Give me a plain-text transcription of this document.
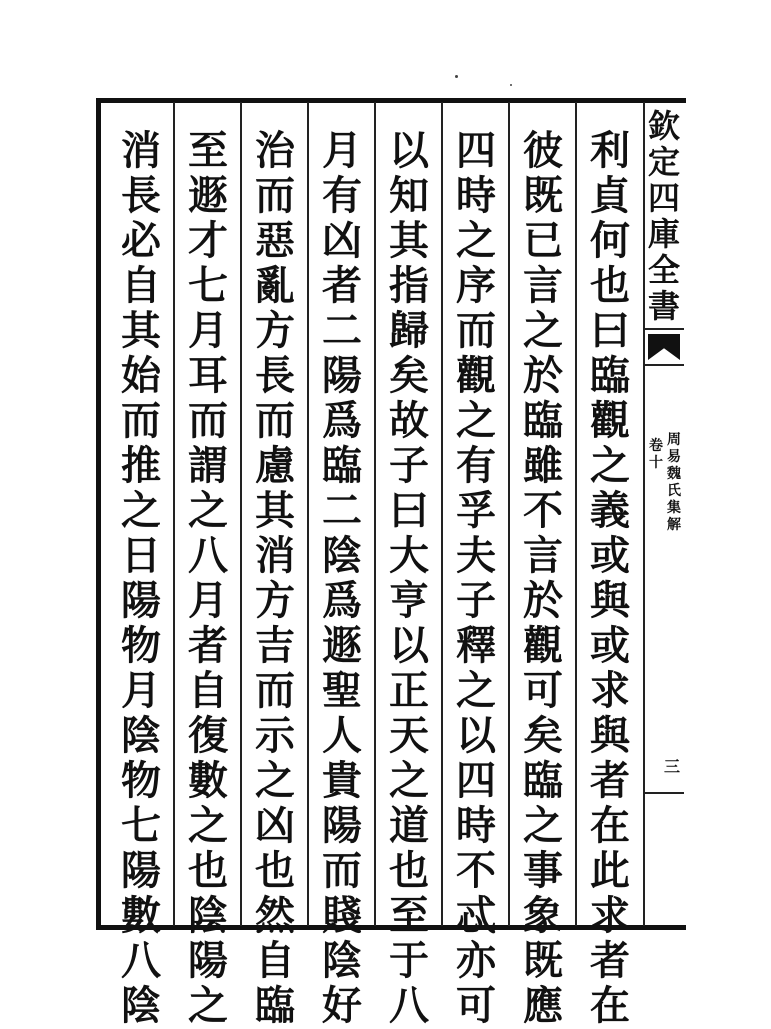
利
貞
何
也
曰
臨
觀
之
義
或
與
或
求
與
者
在
此
求
者
在
彼
既
已
言
之
於
臨
雖
不
言
於
觀
可
矣
臨
之
事
象
既
應
四
時
之
序
而
觀
之
有
孚
夫
子
釋
之
以
四
時
不
忒
亦
可
以
知
其
指
歸
矣
故
子
曰
大
亨
以
正
天
之
道
也
至
于
八
月
有
凶
者
二
陽
爲
臨
二
陰
爲
遯
聖
人
貴
陽
而
賤
陰
好
治
而
惡
亂
方
長
而
慮
其
消
方
吉
而
示
之
凶
也
然
自
臨
至
遯
才
七
月
耳
而
謂
之
八
月
者
自
復
數
之
也
陰
陽
之
消
長
必
自
其
始
而
推
之
日
陽
物
月
陰
物
七
陽
數
八
陰
欽
定
四
庫
全
書
周
易
魏
氏
集
解
卷
十
三
